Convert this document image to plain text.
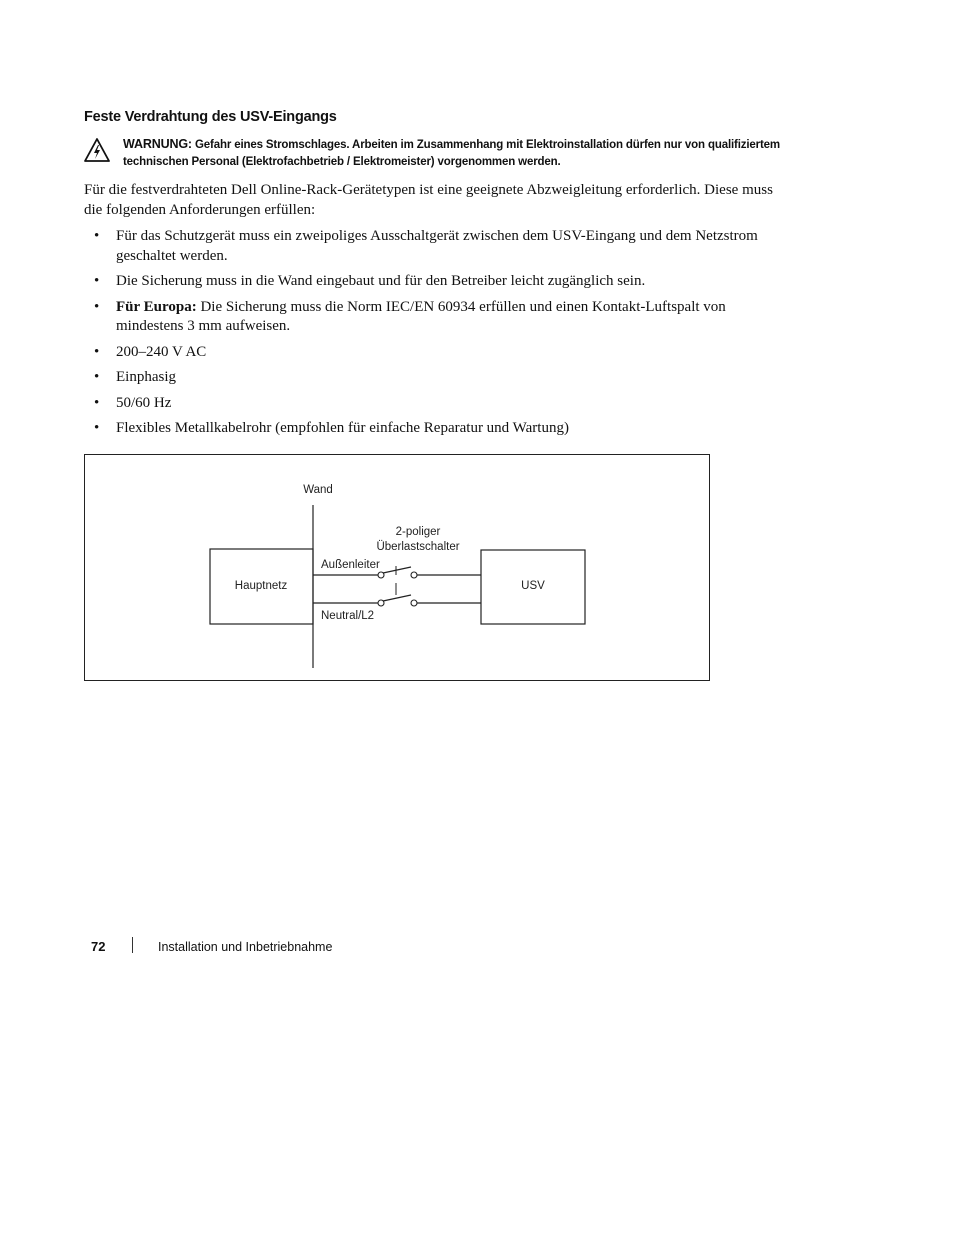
Feste Verdrahtung des USV-Eingangs
WARNUNG: Gefahr eines Stromschlages. Arbeiten im Zusammenhang mit Elektroinstallation dürfen nur von qualifiziertem technischen Personal (Elektrofachbetrieb / Elektromeister) vorgenommen werden.
Für die festverdrahteten Dell Online-Rack-Gerätetypen ist eine geeignete Abzweigleitung erforderlich. Diese muss die folgenden Anforderungen erfüllen:
• Für das Schutzgerät muss ein zweipoliges Ausschaltgerät zwischen dem USV-Eingang und dem Netzstrom geschaltet werden.
• Die Sicherung muss in die Wand eingebaut und für den Betreiber leicht zugänglich sein.
• Für Europa: Die Sicherung muss die Norm IEC/EN 60934 erfüllen und einen Kontakt-Luftspalt von mindestens 3 mm aufweisen.
• 200–240 V AC
• Einphasig
• 50/60 Hz
• Flexibles Metallkabelrohr (empfohlen für einfache Reparatur und Wartung)
Wand
Hauptnetz	USV
2-poliger
Überlastschalter
Außenleiter
Neutral/L2
72	Installation und Inbetriebnahme
